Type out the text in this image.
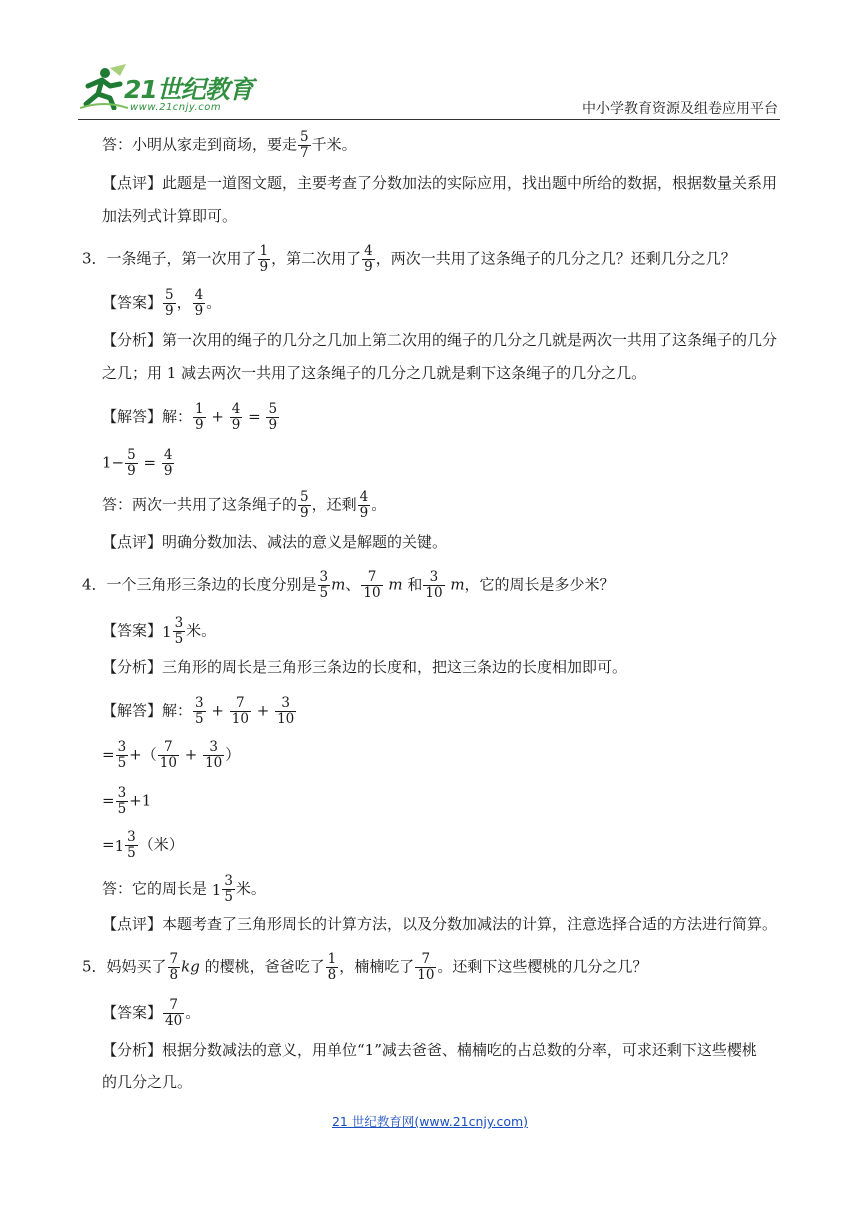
21世纪教育
www.21cnjy.com	中小学教育资源及组卷应用平台
答：小明从家走到商场，要走 $\frac{5}{7}$ 千米。
【点评】此题是一道图文题，主要考查了分数加法的实际应用，找出题中所给的数据，根据数量关系用
加法列式计算即可。
3．一条绳子，第一次用了 $\frac{1}{9}$ ，第二次用了 $\frac{4}{9}$ ，两次一共用了这条绳子的几分之几？还剩几分之几？
【答案】 $\frac{5}{9}$ ， $\frac{4}{9}$ 。
【分析】第一次用的绳子的几分之几加上第二次用的绳子的几分之几就是两次一共用了这条绳子的几分
之几；用 1 减去两次一共用了这条绳子的几分之几就是剩下这条绳子的几分之几。
【解答】解： $\frac{1}{9} + \frac{4}{9} = \frac{5}{9}$
$1- \frac{5}{9} = \frac{4}{9}$
答：两次一共用了这条绳子的 $\frac{5}{9}$ ，还剩 $\frac{4}{9}$ 。
【点评】明确分数加法、减法的意义是解题的关键。
4．一个三角形三条边的长度分别是 $\frac{3}{5}$ m、 $\frac{7}{10}$ m 和 $\frac{3}{10}$ m，它的周长是多少米？
【答案】$1 \frac{3}{5}$ 米。
【分析】三角形的周长是三角形三条边的长度和，把这三条边的长度相加即可。
【解答】解： $\frac{3}{5} + \frac{7}{10} + \frac{3}{10}$
= $\frac{3}{5}$ +（ $\frac{7}{10} + \frac{3}{10}$ ）
= $\frac{3}{5} +1$
$=1 \frac{3}{5}$ （米）
答：它的周长是 $1 \frac{3}{5}$ 米。
【点评】本题考查了三角形周长的计算方法，以及分数加减法的计算，注意选择合适的方法进行简算。
5．妈妈买了 $\frac{7}{8}$ kg 的樱桃，爸爸吃了 $\frac{1}{8}$ ，楠楠吃了 $\frac{7}{10}$ 。还剩下这些樱桃的几分之几？
【答案】 $\frac{7}{40}$ 。
【分析】根据分数减法的意义，用单位“1”减去爸爸、楠楠吃的占总数的分率，可求还剩下这些樱桃
的几分之几。
21 世纪教育网(www.21cnjy.com)
